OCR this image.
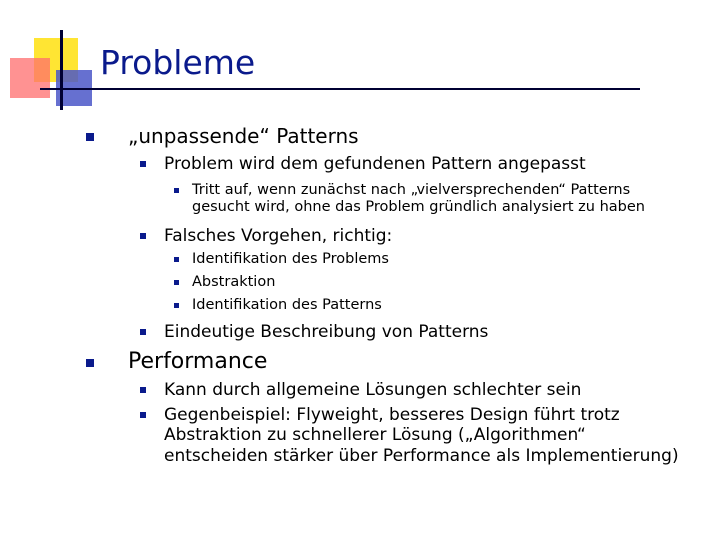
Probleme
„unpassende“ Patterns
Problem wird dem gefundenen Pattern angepasst
Tritt auf, wenn zunächst nach „vielversprechenden“ Patterns
gesucht wird, ohne das Problem gründlich analysiert zu haben
Falsches Vorgehen, richtig:
Identifikation des Problems
Abstraktion
Identifikation des Patterns
Eindeutige Beschreibung von Patterns
Performance
Kann durch allgemeine Lösungen schlechter sein
Gegenbeispiel: Flyweight, besseres Design führt trotz
Abstraktion zu schnellerer Lösung („Algorithmen“
entscheiden stärker über Performance als Implementierung)
